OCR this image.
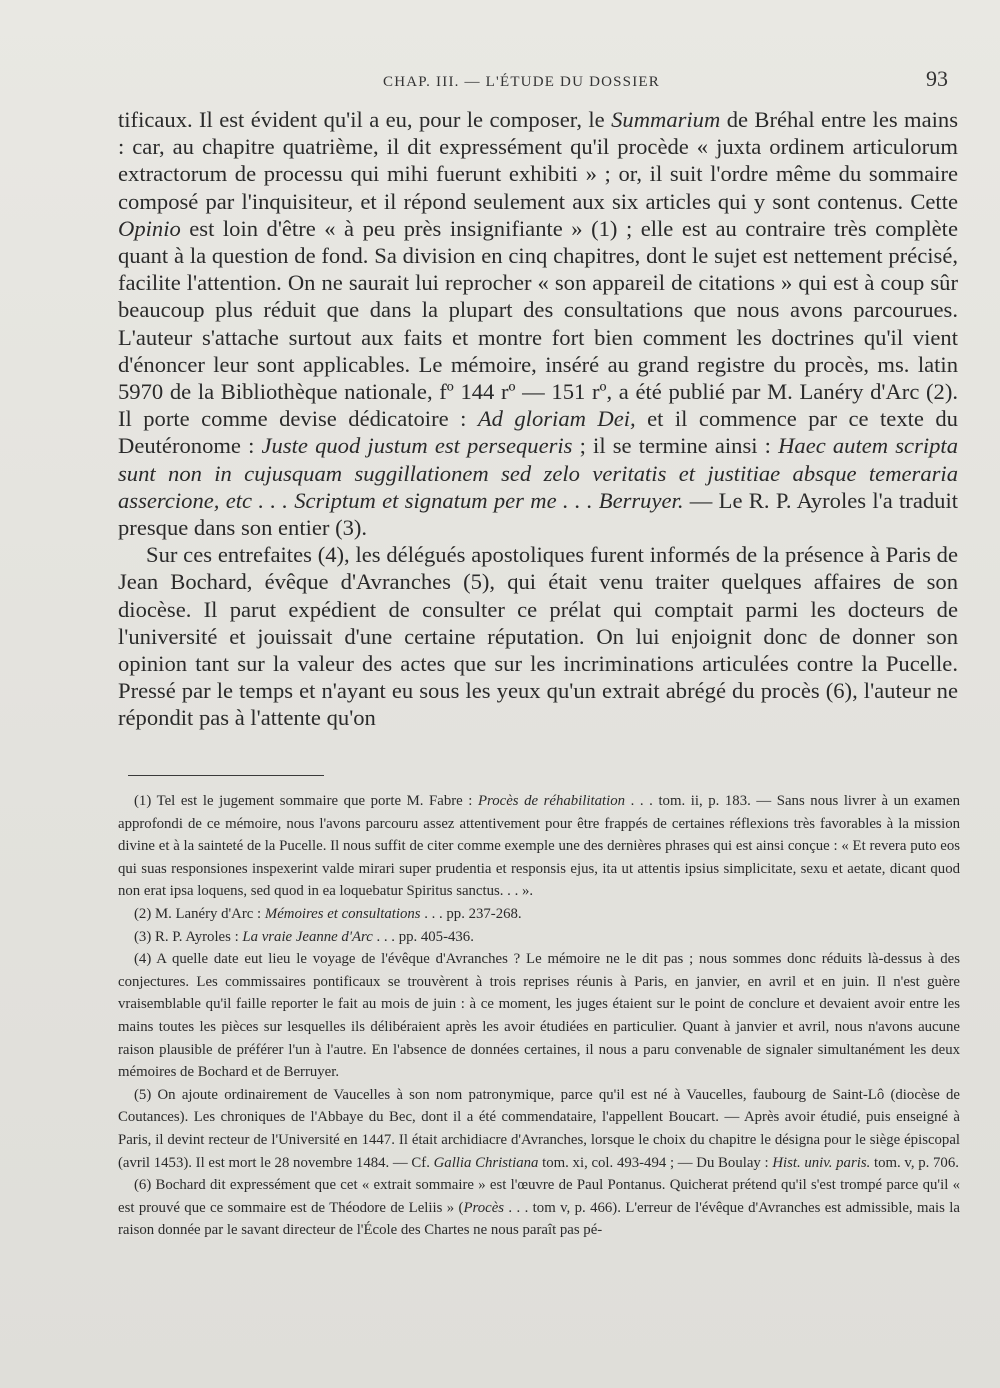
CHAP. III. — L'ÉTUDE DU DOSSIER	93

tificaux. Il est évident qu'il a eu, pour le composer, le Summarium de Bréhal entre les mains : car, au chapitre quatrième, il dit expressément qu'il procède « juxta ordinem articulorum extractorum de processu qui mihi fuerunt exhibiti » ; or, il suit l'ordre même du sommaire composé par l'inquisiteur, et il répond seulement aux six articles qui y sont contenus. Cette Opinio est loin d'être « à peu près insignifiante » (1) ; elle est au contraire très complète quant à la question de fond. Sa division en cinq chapitres, dont le sujet est nettement précisé, facilite l'attention. On ne saurait lui reprocher « son appareil de citations » qui est à coup sûr beaucoup plus réduit que dans la plupart des consultations que nous avons parcourues. L'auteur s'attache surtout aux faits et montre fort bien comment les doctrines qu'il vient d'énoncer leur sont applicables. Le mémoire, inséré au grand registre du procès, ms. latin 5970 de la Bibliothèque nationale, fº 144 rº — 151 rº, a été publié par M. Lanéry d'Arc (2). Il porte comme devise dédicatoire : Ad gloriam Dei, et il commence par ce texte du Deutéronome : Juste quod justum est persequeris ; il se termine ainsi : Haec autem scripta sunt non in cujusquam suggillationem sed zelo veritatis et justitiae absque temeraria assercione, etc . . . Scriptum et signatum per me . . . Berruyer. — Le R. P. Ayroles l'a traduit presque dans son entier (3).

Sur ces entrefaites (4), les délégués apostoliques furent informés de la présence à Paris de Jean Bochard, évêque d'Avranches (5), qui était venu traiter quelques affaires de son diocèse. Il parut expédient de consulter ce prélat qui comptait parmi les docteurs de l'université et jouissait d'une certaine réputation. On lui enjoignit donc de donner son opinion tant sur la valeur des actes que sur les incriminations articulées contre la Pucelle. Pressé par le temps et n'ayant eu sous les yeux qu'un extrait abrégé du procès (6), l'auteur ne répondit pas à l'attente qu'on

(1) Tel est le jugement sommaire que porte M. Fabre : Procès de réhabilitation . . . tom. ii, p. 183. — Sans nous livrer à un examen approfondi de ce mémoire, nous l'avons parcouru assez attentivement pour être frappés de certaines réflexions très favorables à la mission divine et à la sainteté de la Pucelle. Il nous suffit de citer comme exemple une des dernières phrases qui est ainsi conçue : « Et revera puto eos qui suas responsiones inspexerint valde mirari super prudentia et responsis ejus, ita ut attentis ipsius simplicitate, sexu et aetate, dicant quod non erat ipsa loquens, sed quod in ea loquebatur Spiritus sanctus. . . ».

(2) M. Lanéry d'Arc : Mémoires et consultations . . . pp. 237-268.

(3) R. P. Ayroles : La vraie Jeanne d'Arc . . . pp. 405-436.

(4) A quelle date eut lieu le voyage de l'évêque d'Avranches ? Le mémoire ne le dit pas ; nous sommes donc réduits là-dessus à des conjectures. Les commissaires pontificaux se trouvèrent à trois reprises réunis à Paris, en janvier, en avril et en juin. Il n'est guère vraisemblable qu'il faille reporter le fait au mois de juin : à ce moment, les juges étaient sur le point de conclure et devaient avoir entre les mains toutes les pièces sur lesquelles ils délibéraient après les avoir étudiées en particulier. Quant à janvier et avril, nous n'avons aucune raison plausible de préférer l'un à l'autre. En l'absence de données certaines, il nous a paru convenable de signaler simultanément les deux mémoires de Bochard et de Berruyer.

(5) On ajoute ordinairement de Vaucelles à son nom patronymique, parce qu'il est né à Vaucelles, faubourg de Saint-Lô (diocèse de Coutances). Les chroniques de l'Abbaye du Bec, dont il a été commendataire, l'appellent Boucart. — Après avoir étudié, puis enseigné à Paris, il devint recteur de l'Université en 1447. Il était archidiacre d'Avranches, lorsque le choix du chapitre le désigna pour le siège épiscopal (avril 1453). Il est mort le 28 novembre 1484. — Cf. Gallia Christiana tom. xi, col. 493-494 ; — Du Boulay : Hist. univ. paris. tom. v, p. 706.

(6) Bochard dit expressément que cet « extrait sommaire » est l'œuvre de Paul Pontanus. Quicherat prétend qu'il s'est trompé parce qu'il « est prouvé que ce sommaire est de Théodore de Leliis » (Procès . . . tom v, p. 466). L'erreur de l'évêque d'Avranches est admissible, mais la raison donnée par le savant directeur de l'École des Chartes ne nous paraît pas pé-
